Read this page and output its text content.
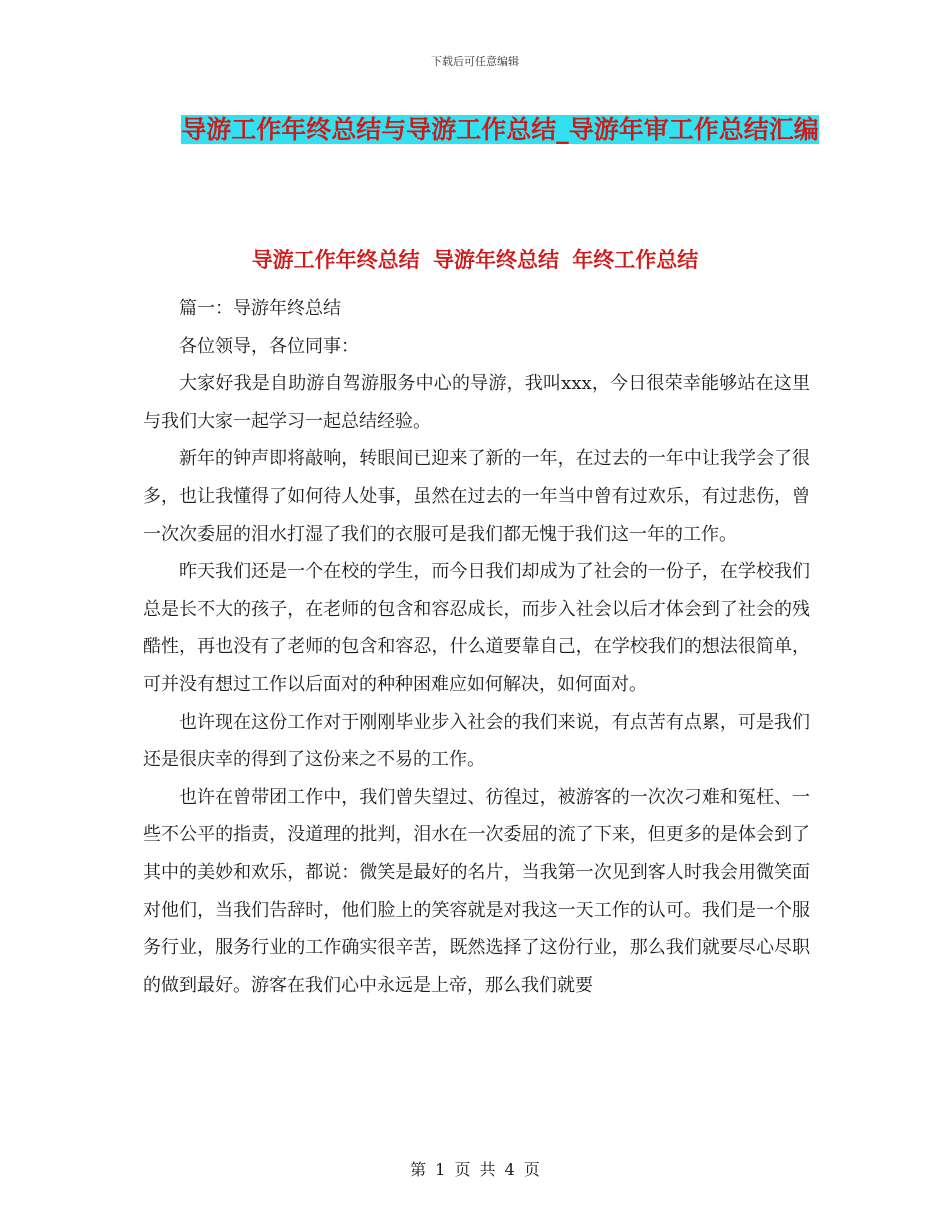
下载后可任意编辑
导游工作年终总结与导游工作总结_导游年审工作总结汇编
导游工作年终总结 导游年终总结 年终工作总结

篇一：导游年终总结

各位领导，各位同事：

大家好我是自助游自驾游服务中心的导游，我叫xxx，今日很荣幸能够站在这里与我们大家一起学习一起总结经验。

新年的钟声即将敲响，转眼间已迎来了新的一年，在过去的一年中让我学会了很多，也让我懂得了如何待人处事，虽然在过去的一年当中曾有过欢乐，有过悲伤，曾一次次委屈的泪水打湿了我们的衣服可是我们都无愧于我们这一年的工作。

昨天我们还是一个在校的学生，而今日我们却成为了社会的一份子，在学校我们总是长不大的孩子，在老师的包含和容忍成长，而步入社会以后才体会到了社会的残酷性，再也没有了老师的包含和容忍，什么道要靠自己，在学校我们的想法很简单，可并没有想过工作以后面对的种种困难应如何解决，如何面对。

也许现在这份工作对于刚刚毕业步入社会的我们来说，有点苦有点累，可是我们还是很庆幸的得到了这份来之不易的工作。

也许在曾带团工作中，我们曾失望过、彷徨过，被游客的一次次刁难和冤枉、一些不公平的指责，没道理的批判，泪水在一次委屈的流了下来，但更多的是体会到了其中的美妙和欢乐，都说：微笑是最好的名片，当我第一次见到客人时我会用微笑面对他们，当我们告辞时，他们脸上的笑容就是对我这一天工作的认可。我们是一个服务行业，服务行业的工作确实很辛苦，既然选择了这份行业，那么我们就要尽心尽职的做到最好。游客在我们心中永远是上帝，那么我们就要

第 1 页 共 4 页
